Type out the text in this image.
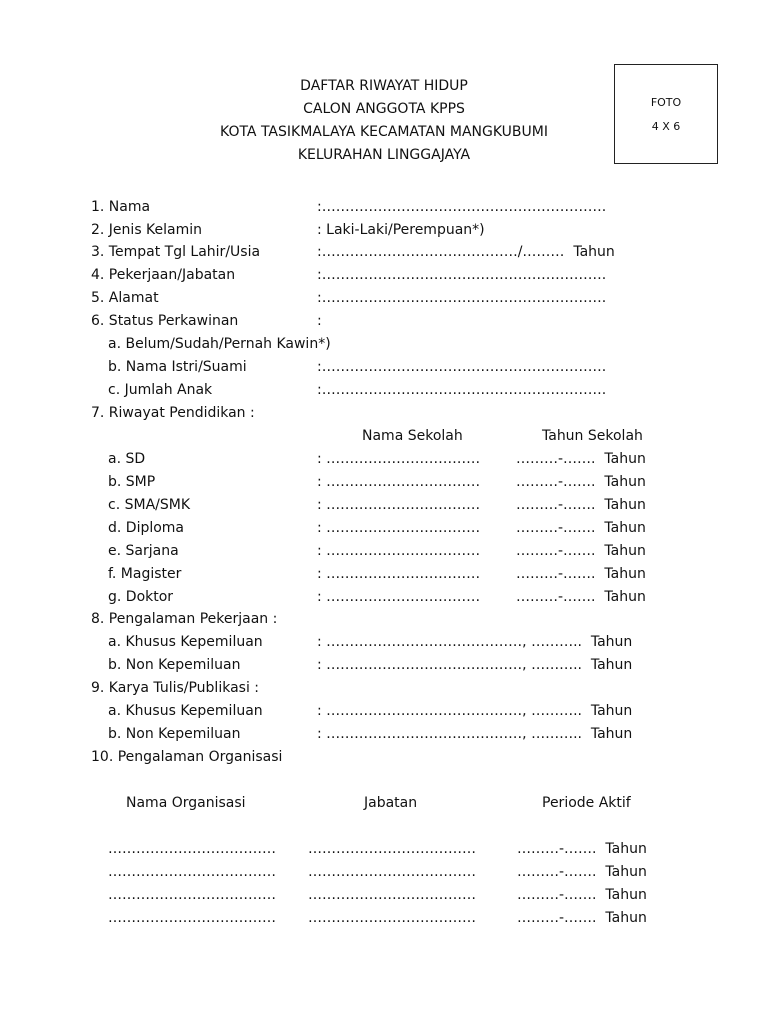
DAFTAR RIWAYAT HIDUP
CALON ANGGOTA KPPS
KOTA TASIKMALAYA KECAMATAN MANGKUBUMI
KELURAHAN LINGGAJAYA
FOTO
4 X 6
1. Nama	:…………………………………………………….
2. Jenis Kelamin	: Laki-Laki/Perempuan*)
3. Tempat Tgl Lahir/Usia	:……………………………………/………  Tahun
4. Pekerjaan/Jabatan	:…………………………………………………….
5. Alamat	:…………………………………………………….
6. Status Perkawinan	:
a. Belum/Sudah/Pernah Kawin*)
b. Nama Istri/Suami	:…………………………………………………….
c. Jumlah Anak	:…………………………………………………….
7. Riwayat Pendidikan :
Nama Sekolah	Tahun Sekolah
a. SD	: ……………………………	………-…….  Tahun
b. SMP	: ……………………………	………-…….  Tahun
c. SMA/SMK	: ……………………………	………-…….  Tahun
d. Diploma	: ……………………………	………-…….  Tahun
e. Sarjana	: ……………………………	………-…….  Tahun
f. Magister	: ……………………………	………-…….  Tahun
g. Doktor	: ……………………………	………-…….  Tahun
8. Pengalaman Pekerjaan :
a. Khusus Kepemiluan	: ……………………………………, ………..  Tahun
b. Non Kepemiluan	: ……………………………………, ………..  Tahun
9. Karya Tulis/Publikasi :
a. Khusus Kepemiluan	: ……………………………………, ………..  Tahun
b. Non Kepemiluan	: ……………………………………, ………..  Tahun
10. Pengalaman Organisasi
Nama Organisasi	Jabatan	Periode Aktif
……………………………… ………………………………	………-…….  Tahun
……………………………… ………………………………	………-…….  Tahun
……………………………… ………………………………	………-…….  Tahun
……………………………… ………………………………	………-…….  Tahun
